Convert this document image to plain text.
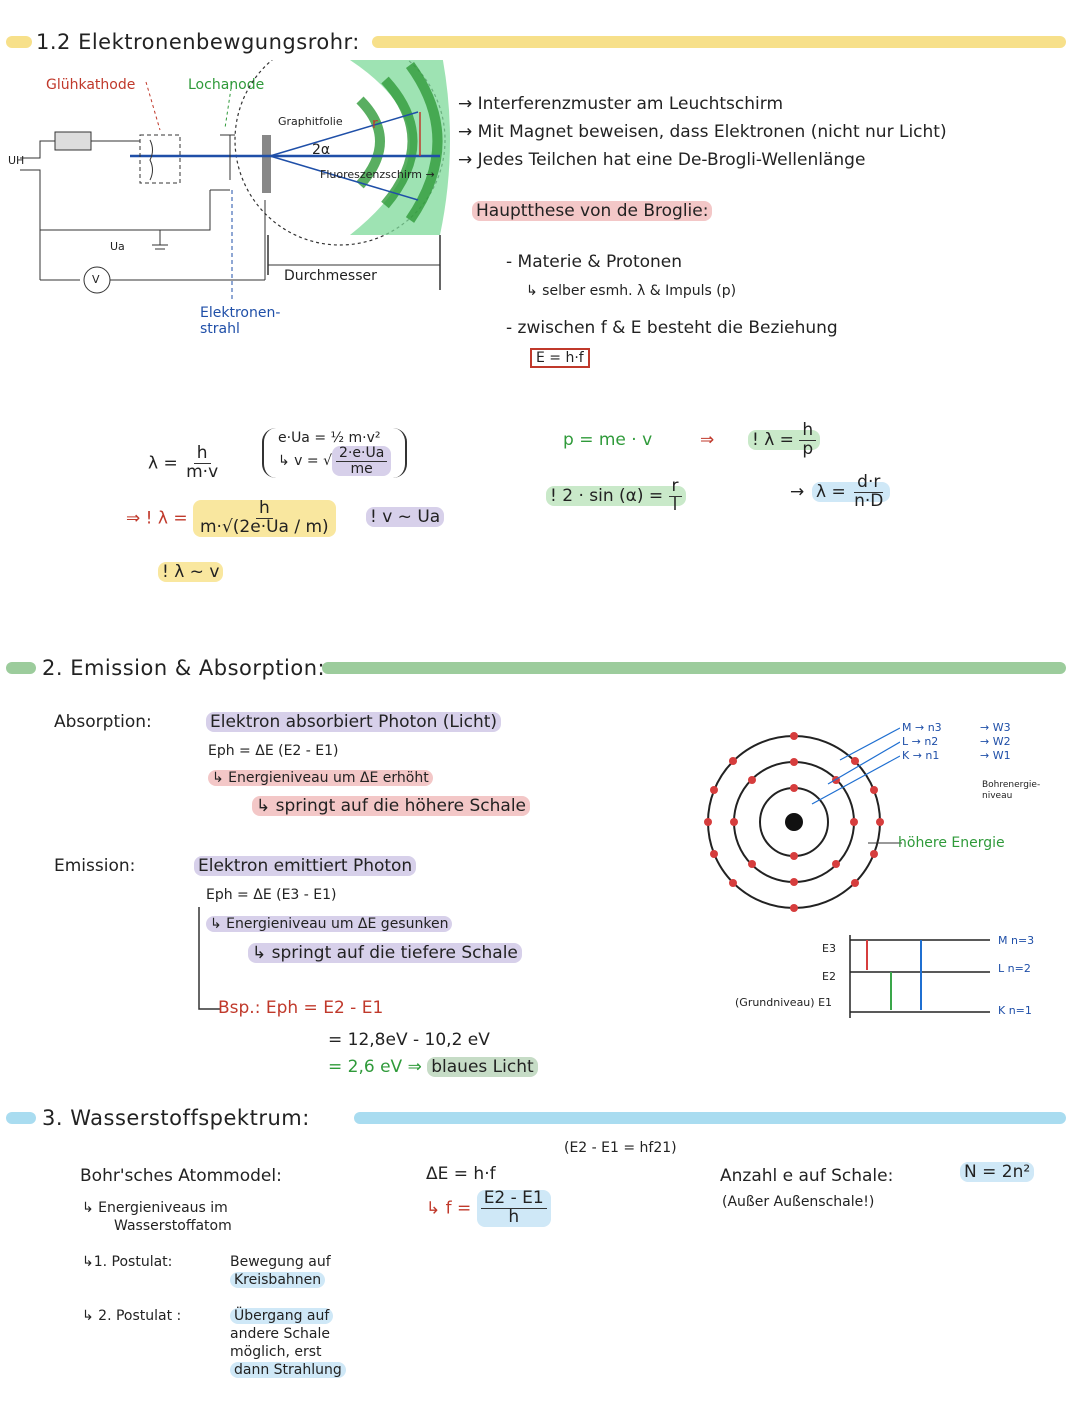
1.2 Elektronenbewgungsrohr:
Glühkathode	Lochanode
UH
Ua
V
Graphitfolie
2α
r
Fluoreszenzschirm →
Durchmesser
Elektronen-
strahl
→ Interferenzmuster am Leuchtschirm
→ Mit Magnet beweisen, dass Elektronen (nicht nur Licht)
→ Jedes Teilchen hat eine De-Brogli-Wellenlänge
Hauptthese von de Broglie:
- Materie & Protonen
↳ selber esmh. λ & Impuls (p)
- zwischen f & E besteht die Beziehung
E = h·f
$\lambda = \frac{h}{m\cdot v}$
e·Ua = ½ m·v²
↳ v = √ $\frac{2\cdot e\cdot Ua}{me}$
⇒ ! $\lambda = \frac{h}{m\cdot√(2e\cdot Ua / m)}$ ! v ~ Ua
! λ ~ v
p = me · v	⇒ ! $\lambda = \frac{h}{p}$
! $2 \cdot \sin (\alpha) = \frac{r}{l}$	→ $\lambda = \frac{d\cdot r}{n\cdot D}$
2. Emission & Absorption:
Absorption:	Elektron absorbiert Photon (Licht)
Eph = ΔE (E2 - E1)
↳ Energieniveau um ΔE erhöht
↳ springt auf die höhere Schale
Emission:	Elektron emittiert Photon
Eph = ΔE (E3 - E1)
↳ Energieniveau um ΔE gesunken
↳ springt auf die tiefere Schale
Bsp.: Eph = E2 - E1
= 12,8eV - 10,2 eV
= 2,6 eV ⇒ blaues Licht
M → n3
L → n2
K → n1
→ W3
→ W2
→ W1
Bohrenergie-
niveau
höhere Energie
E3
E2
(Grundniveau) E1
M n=3
L n=2
K n=1
3. Wasserstoffspektrum:
Bohr'sches Atommodel:
↳ Energieniveaus im
Wasserstoffatom
↳1. Postulat:	Bewegung auf
Kreisbahnen
↳ 2. Postulat :	Übergang auf
andere Schale
möglich, erst
dann Strahlung
ΔE = h·f
(E2 - E1 = hf21)
↳ $f = \frac{E2 - E1}{h}$
Anzahl e auf Schale:	N = 2n²
(Außer Außenschale!)
